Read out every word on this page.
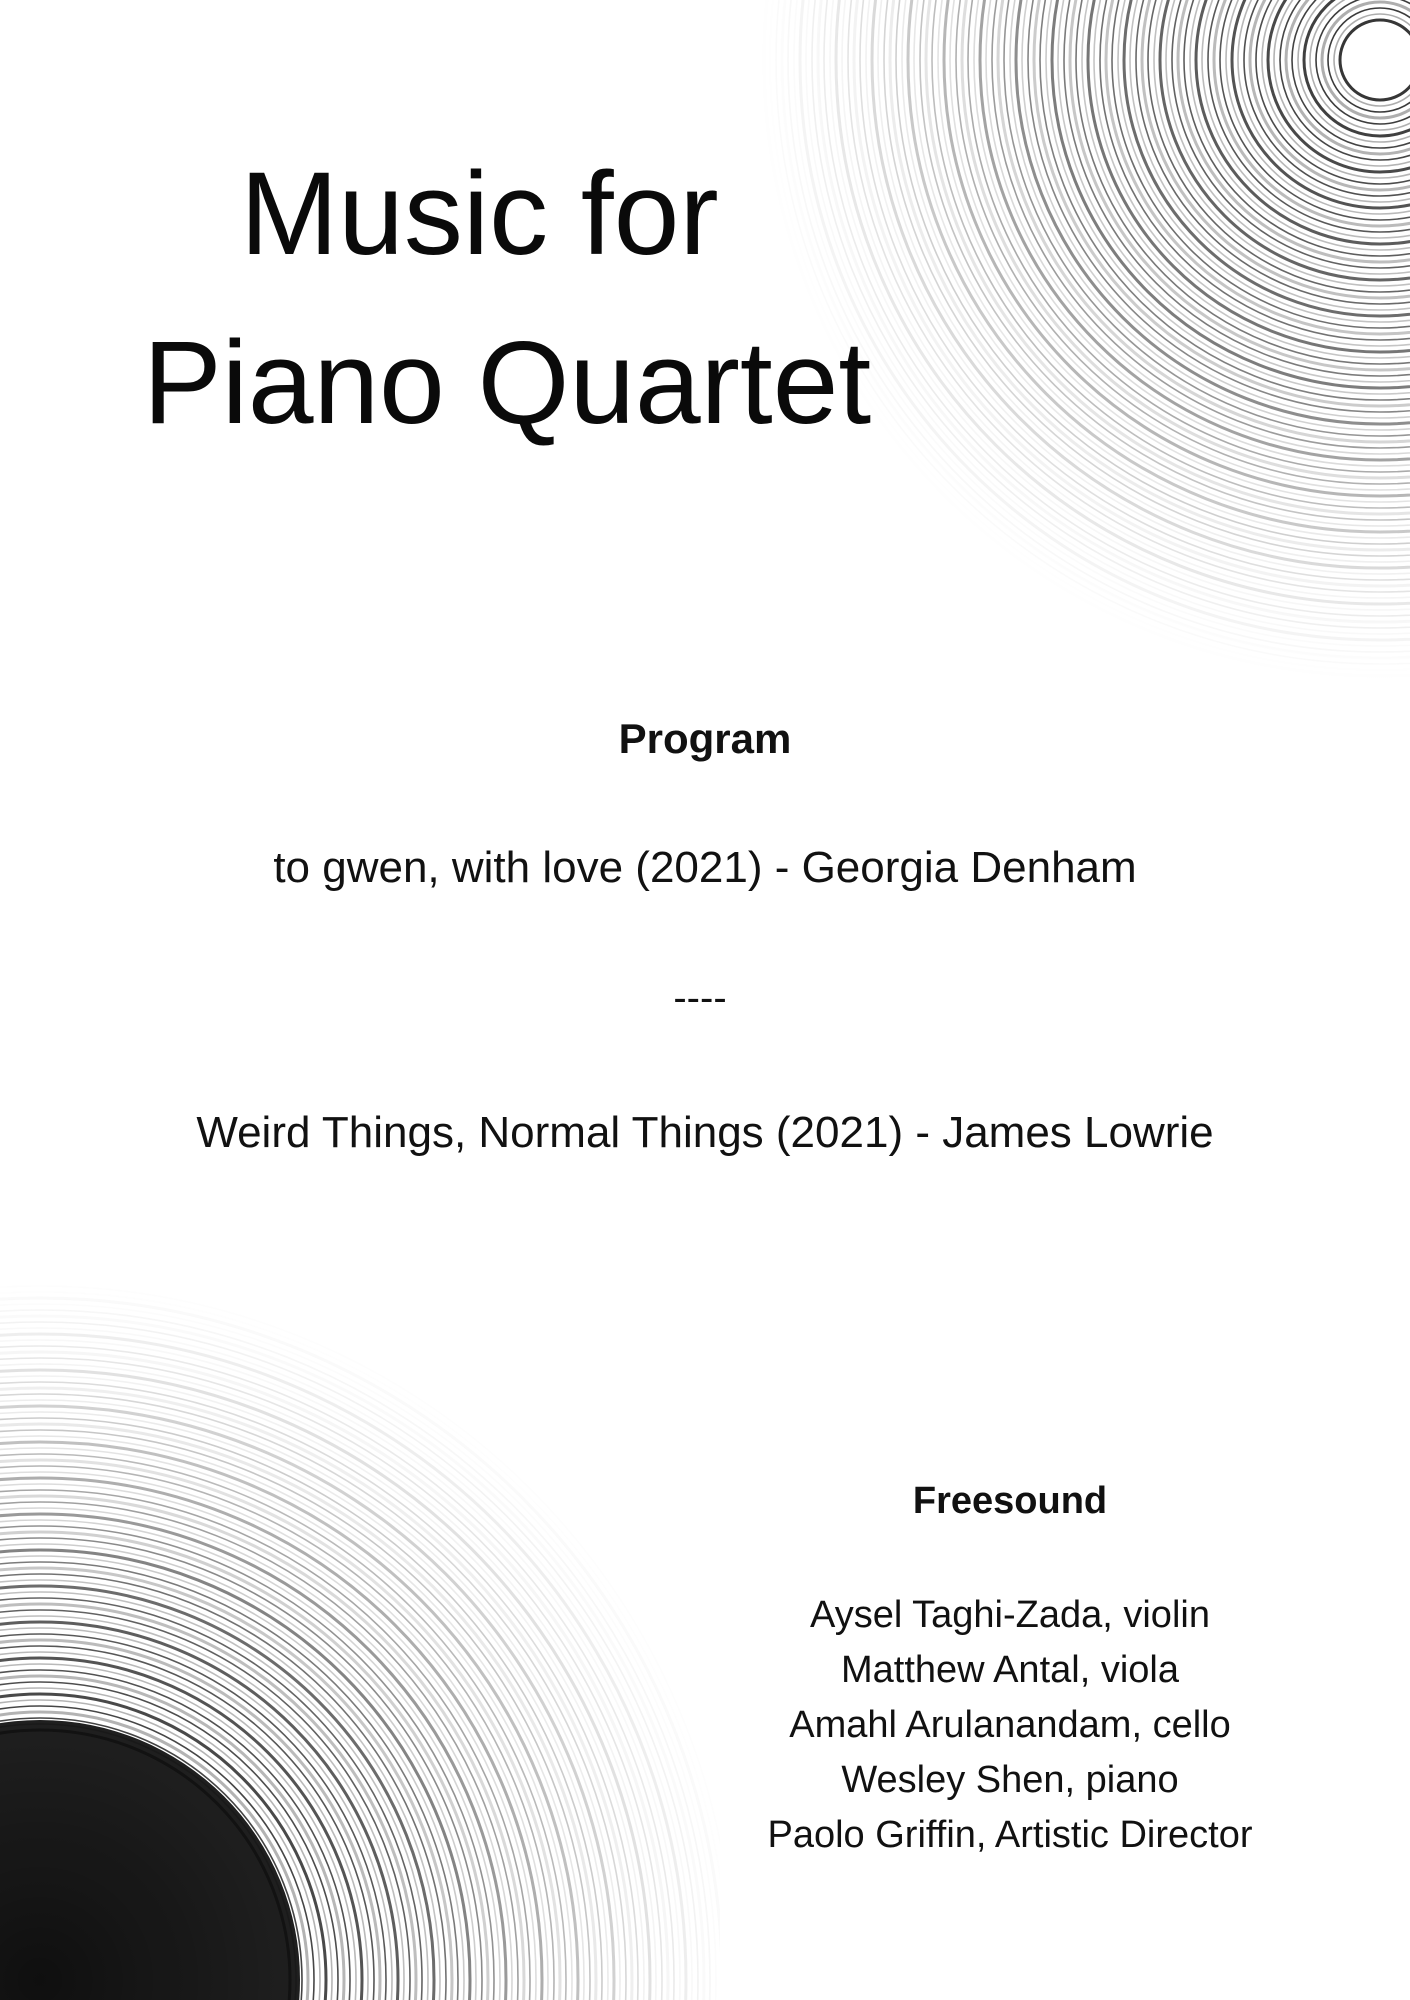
Music for
Piano Quartet
Program

to gwen, with love (2021) - Georgia Denham

----

Weird Things, Normal Things (2021) - James Lowrie

Freesound
Aysel Taghi-Zada, violin
Matthew Antal, viola
Amahl Arulanandam, cello
Wesley Shen, piano
Paolo Griffin, Artistic Director
